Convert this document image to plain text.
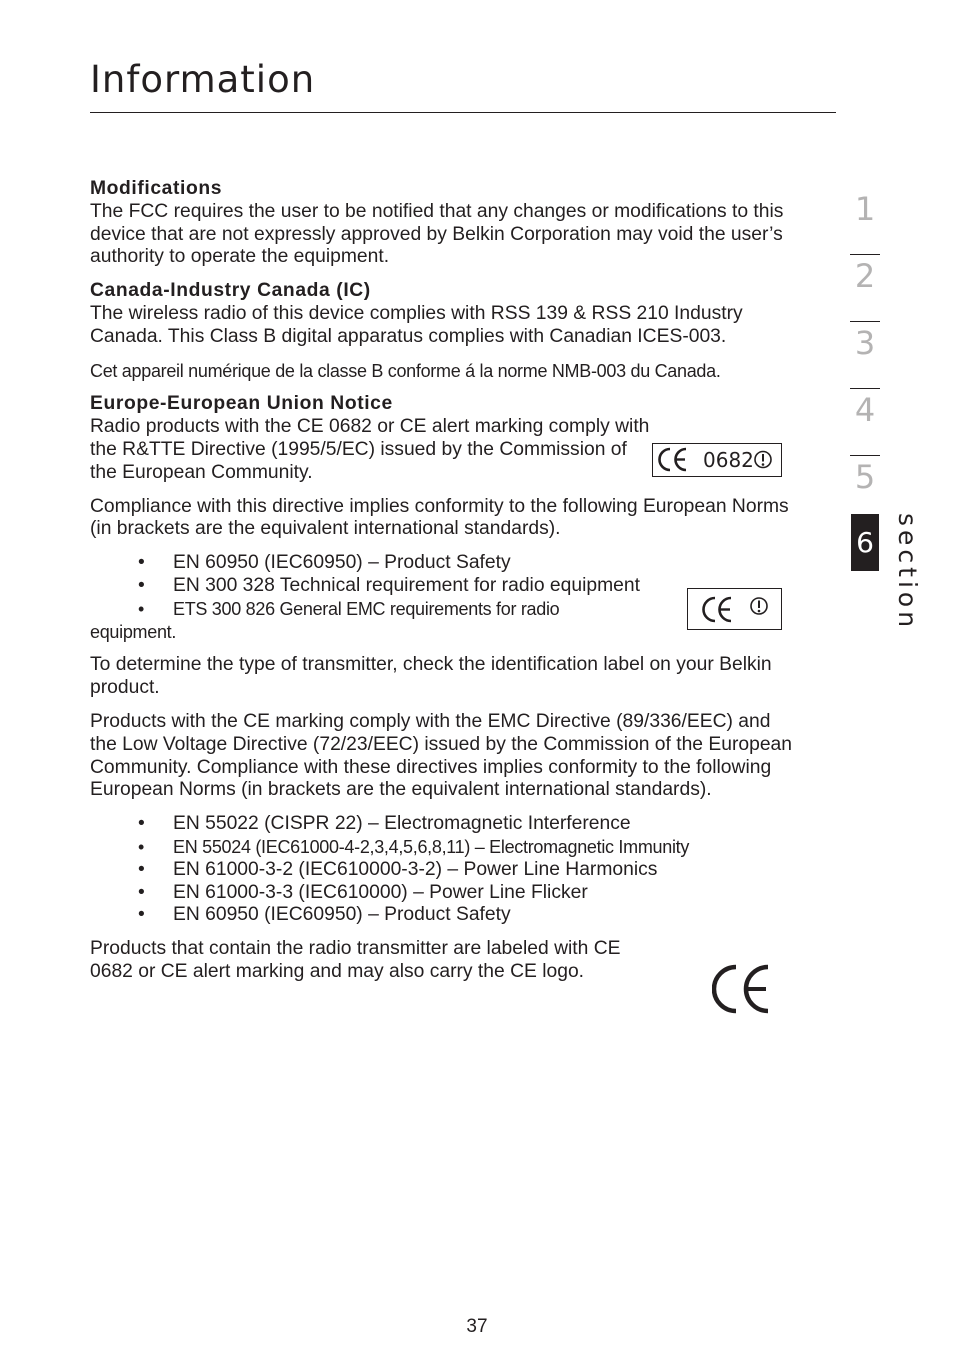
Information

Modifications

The FCC requires the user to be notified that any changes or modifications to this device that are not expressly approved by Belkin Corporation may void the user’s authority to operate the equipment.

Canada-Industry Canada (IC)

The wireless radio of this device complies with RSS 139 & RSS 210 Industry Canada. This Class B digital apparatus complies with Canadian ICES-003.

Cet appareil numérique de la classe B conforme á la norme NMB-003 du Canada.

Europe-European Union Notice

Radio products with the CE 0682 or CE alert marking comply with the R&TTE Directive (1995/5/EC) issued by the Commission of the European Community.

Compliance with this directive implies conformity to the following European Norms (in brackets are the equivalent international standards).

• EN 60950 (IEC60950) – Product Safety
• EN 300 328 Technical requirement for radio equipment
• ETS 300 826 General EMC requirements for radio

equipment.

To determine the type of transmitter, check the identification label on your Belkin product.

Products with the CE marking comply with the EMC Directive (89/336/EEC) and the Low Voltage Directive (72/23/EEC) issued by the Commission of the European Community. Compliance with these directives implies conformity to the following European Norms (in brackets are the equivalent international standards).

• EN 55022 (CISPR 22) – Electromagnetic Interference
• EN 55024 (IEC61000-4-2,3,4,5,6,8,11) – Electromagnetic Immunity
• EN 61000-3-2 (IEC610000-3-2) – Power Line Harmonics
• EN 61000-3-3 (IEC610000) – Power Line Flicker
• EN 60950 (IEC60950) – Product Safety

Products that contain the radio transmitter are labeled with CE 0682 or CE alert marking and may also carry the CE logo.

0682
1
2
3
4
5
6 section
37
